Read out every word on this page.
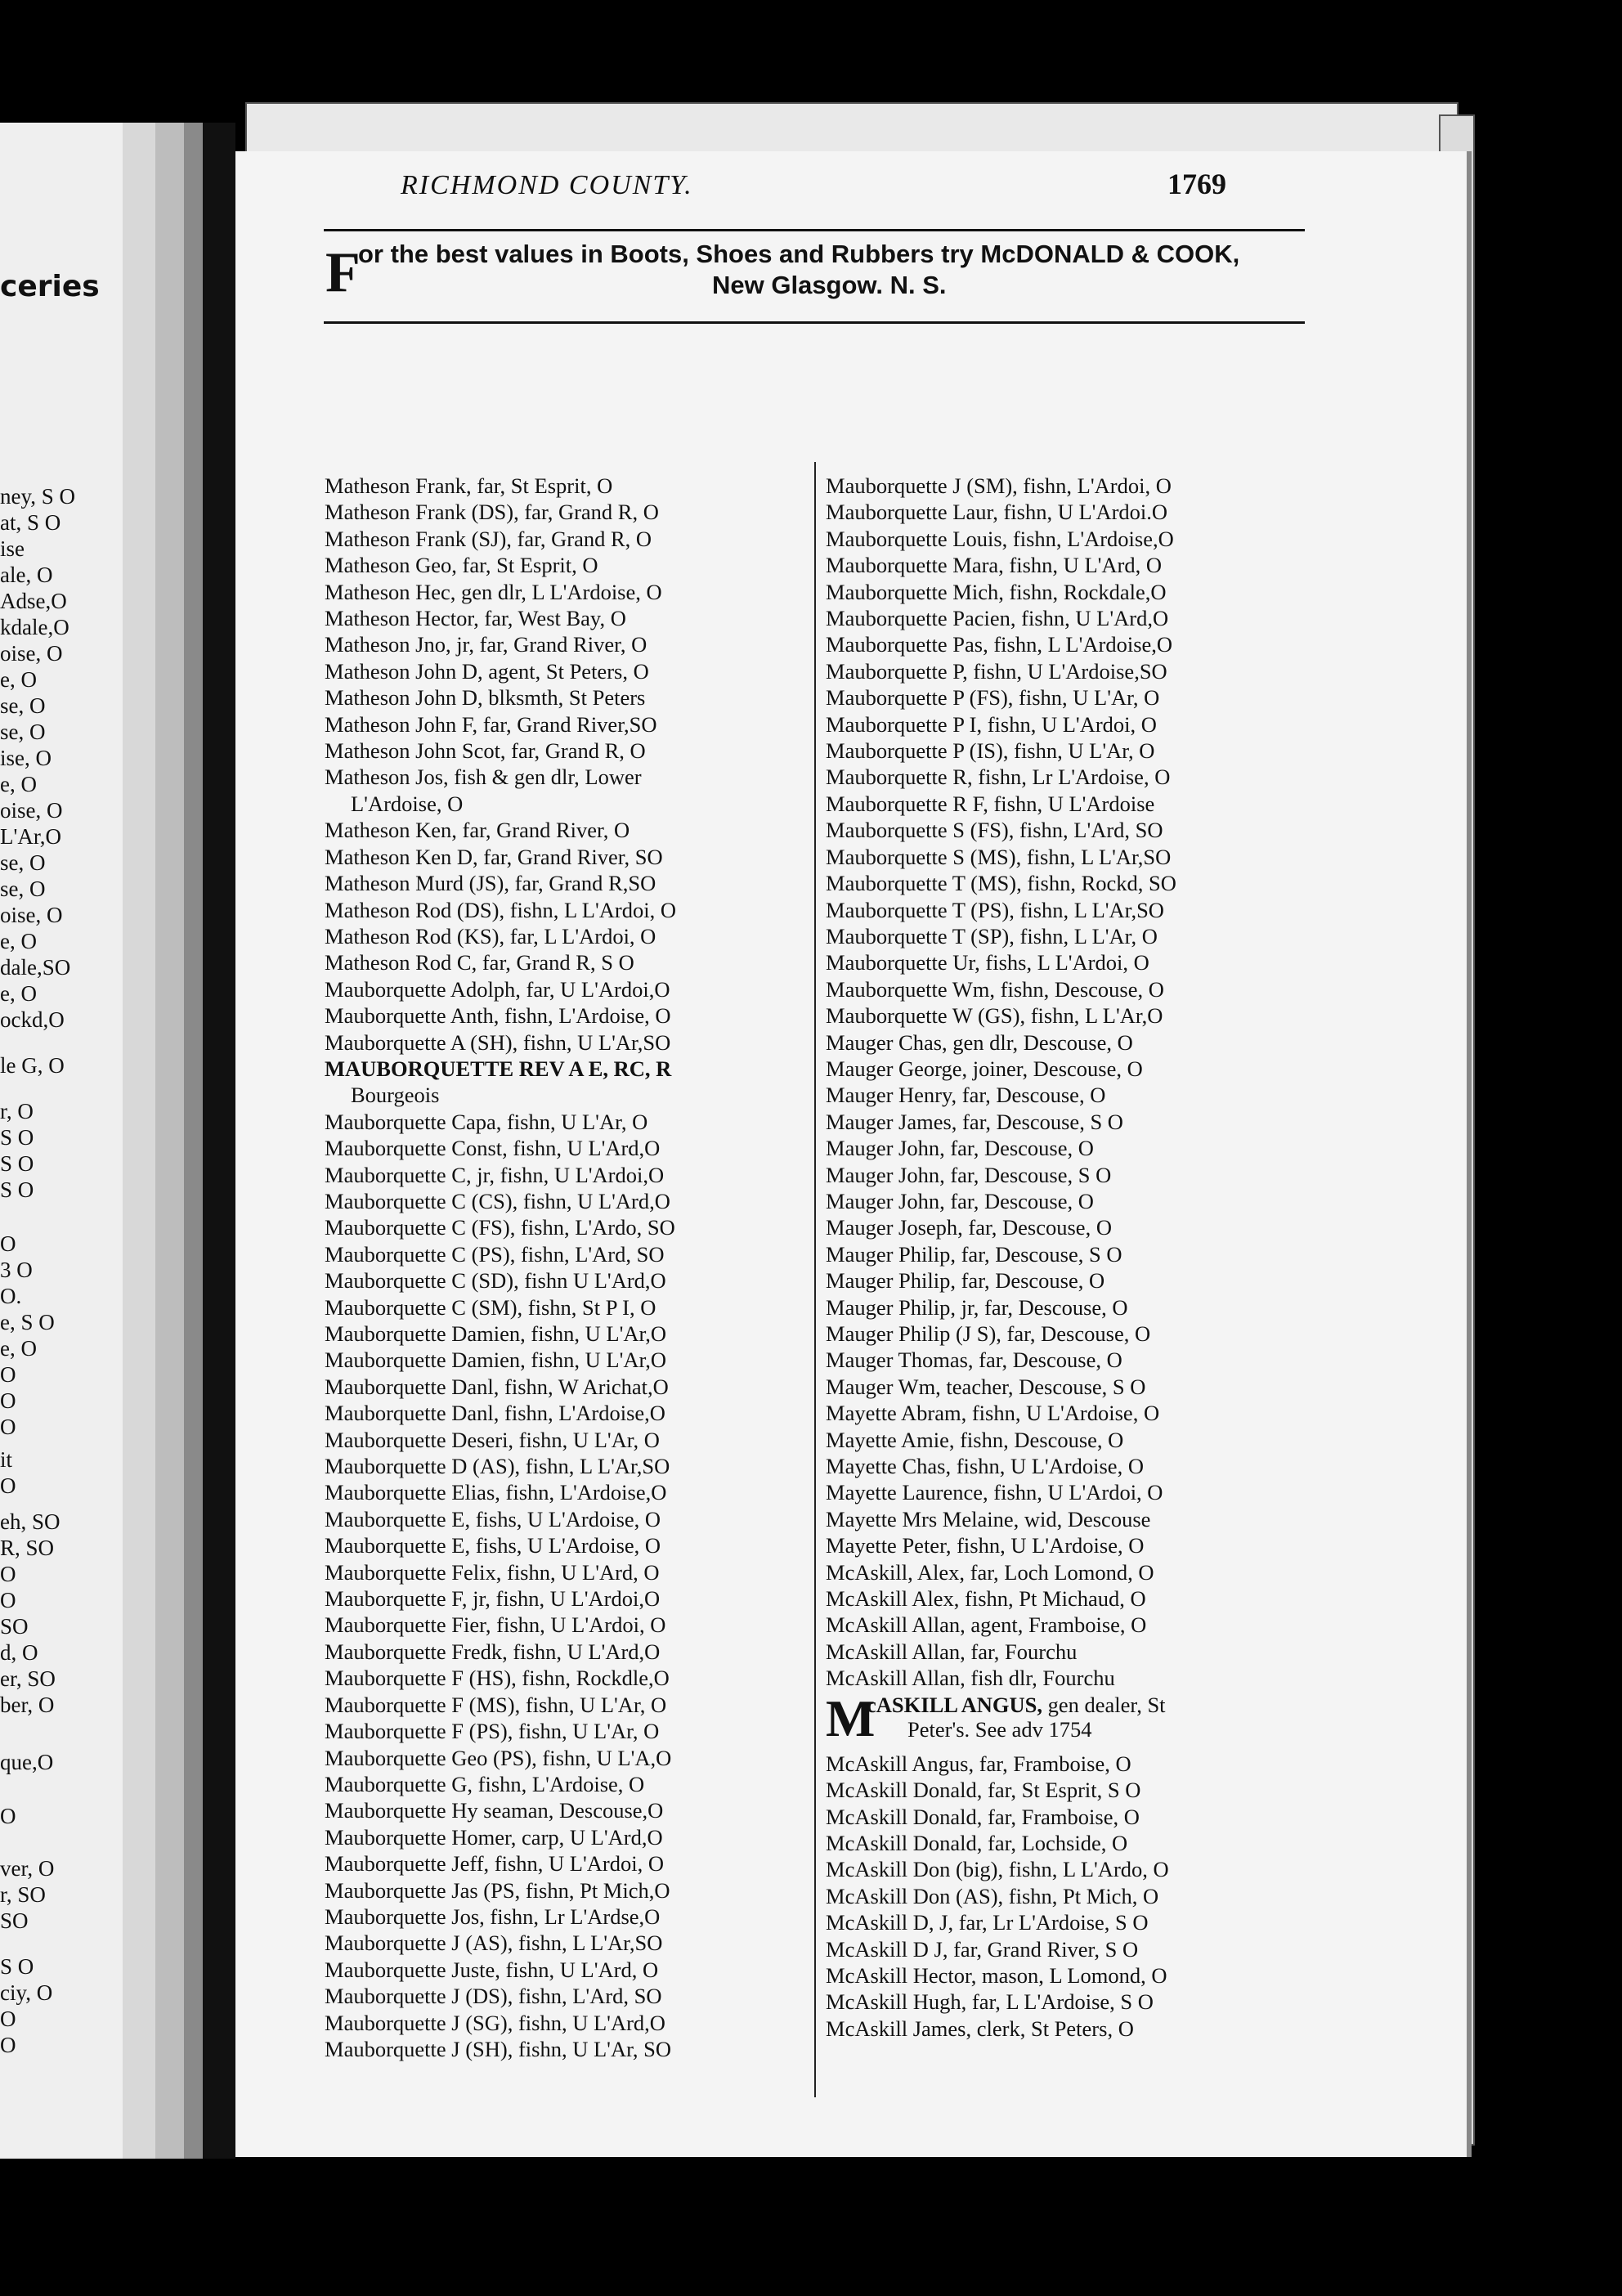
ceries
ney, S O
at, S O
ise
ale, O
Adse,O
kdale,O
oise, O
e, O
se, O
se, O
ise, O
e, O
oise, O
L'Ar,O
se, O
se, O
oise, O
e, O
dale,SO
e, O
ockd,O
le G, O
r, O
S O
S O
S O
O
3 O
O.
e, S O
e, O
O
O
O
it
O
eh, SO
R, SO
O
O
SO
d, O
er, SO
ber, O
que,O
O
ver, O
r, SO
SO
S O
ciy, O
O
O
RICHMOND COUNTY.	1769
F
or the best values in Boots, Shoes and Rubbers try McDONALD & COOK,
New Glasgow. N. S.
Matheson Frank, far, St Esprit, O
Matheson Frank (DS), far, Grand R, O
Matheson Frank (SJ), far, Grand R, O
Matheson Geo, far, St Esprit, O
Matheson Hec, gen dlr, L L'Ardoise, O
Matheson Hector, far, West Bay, O
Matheson Jno, jr, far, Grand River, O
Matheson John D, agent, St Peters, O
Matheson John D, blksmth, St Peters
Matheson John F, far, Grand River,SO
Matheson John Scot, far, Grand R, O
Matheson Jos, fish & gen dlr, Lower
L'Ardoise, O
Matheson Ken, far, Grand River, O
Matheson Ken D, far, Grand River, SO
Matheson Murd (JS), far, Grand R,SO
Matheson Rod (DS), fishn, L L'Ardoi, O
Matheson Rod (KS), far, L L'Ardoi, O
Matheson Rod C, far, Grand R, S O
Mauborquette Adolph, far, U L'Ardoi,O
Mauborquette Anth, fishn, L'Ardoise, O
Mauborquette A (SH), fishn, U L'Ar,SO
MAUBORQUETTE REV A E, RC, R
Bourgeois
Mauborquette Capa, fishn, U L'Ar, O
Mauborquette Const, fishn, U L'Ard,O
Mauborquette C, jr, fishn, U L'Ardoi,O
Mauborquette C (CS), fishn, U L'Ard,O
Mauborquette C (FS), fishn, L'Ardo, SO
Mauborquette C (PS), fishn, L'Ard, SO
Mauborquette C (SD), fishn U L'Ard,O
Mauborquette C (SM), fishn, St P I, O
Mauborquette Damien, fishn, U L'Ar,O
Mauborquette Damien, fishn, U L'Ar,O
Mauborquette Danl, fishn, W Arichat,O
Mauborquette Danl, fishn, L'Ardoise,O
Mauborquette Deseri, fishn, U L'Ar, O
Mauborquette D (AS), fishn, L L'Ar,SO
Mauborquette Elias, fishn, L'Ardoise,O
Mauborquette E, fishs, U L'Ardoise, O
Mauborquette E, fishs, U L'Ardoise, O
Mauborquette Felix, fishn, U L'Ard, O
Mauborquette F, jr, fishn, U L'Ardoi,O
Mauborquette Fier, fishn, U L'Ardoi, O
Mauborquette Fredk, fishn, U L'Ard,O
Mauborquette F (HS), fishn, Rockdle,O
Mauborquette F (MS), fishn, U L'Ar, O
Mauborquette F (PS), fishn, U L'Ar, O
Mauborquette Geo (PS), fishn, U L'A,O
Mauborquette G, fishn, L'Ardoise, O
Mauborquette Hy seaman, Descouse,O
Mauborquette Homer, carp, U L'Ard,O
Mauborquette Jeff, fishn, U L'Ardoi, O
Mauborquette Jas (PS, fishn, Pt Mich,O
Mauborquette Jos, fishn, Lr L'Ardse,O
Mauborquette J (AS), fishn, L L'Ar,SO
Mauborquette Juste, fishn, U L'Ard, O
Mauborquette J (DS), fishn, L'Ard, SO
Mauborquette J (SG), fishn, U L'Ard,O
Mauborquette J (SH), fishn, U L'Ar, SO
Mauborquette J (SM), fishn, L'Ardoi, O
Mauborquette Laur, fishn, U L'Ardoi.O
Mauborquette Louis, fishn, L'Ardoise,O
Mauborquette Mara, fishn, U L'Ard, O
Mauborquette Mich, fishn, Rockdale,O
Mauborquette Pacien, fishn, U L'Ard,O
Mauborquette Pas, fishn, L L'Ardoise,O
Mauborquette P, fishn, U L'Ardoise,SO
Mauborquette P (FS), fishn, U L'Ar, O
Mauborquette P I, fishn, U L'Ardoi, O
Mauborquette P (IS), fishn, U L'Ar, O
Mauborquette R, fishn, Lr L'Ardoise, O
Mauborquette R F, fishn, U L'Ardoise
Mauborquette S (FS), fishn, L'Ard, SO
Mauborquette S (MS), fishn, L L'Ar,SO
Mauborquette T (MS), fishn, Rockd, SO
Mauborquette T (PS), fishn, L L'Ar,SO
Mauborquette T (SP), fishn, L L'Ar, O
Mauborquette Ur, fishs, L L'Ardoi, O
Mauborquette Wm, fishn, Descouse, O
Mauborquette W (GS), fishn, L L'Ar,O
Mauger Chas, gen dlr, Descouse, O
Mauger George, joiner, Descouse, O
Mauger Henry, far, Descouse, O
Mauger James, far, Descouse, S O
Mauger John, far, Descouse, O
Mauger John, far, Descouse, S O
Mauger John, far, Descouse, O
Mauger Joseph, far, Descouse, O
Mauger Philip, far, Descouse, S O
Mauger Philip, far, Descouse, O
Mauger Philip, jr, far, Descouse, O
Mauger Philip (J S), far, Descouse, O
Mauger Thomas, far, Descouse, O
Mauger Wm, teacher, Descouse, S O
Mayette Abram, fishn, U L'Ardoise, O
Mayette Amie, fishn, Descouse, O
Mayette Chas, fishn, U L'Ardoise, O
Mayette Laurence, fishn, U L'Ardoi, O
Mayette Mrs Melaine, wid, Descouse
Mayette Peter, fishn, U L'Ardoise, O
McAskill, Alex, far, Loch Lomond, O
McAskill Alex, fishn, Pt Michaud, O
McAskill Allan, agent, Framboise, O
McAskill Allan, far, Fourchu
McAskill Allan, fish dlr, Fourchu
M
cASKILL ANGUS, gen dealer, St
Peter's. See adv 1754
McAskill Angus, far, Framboise, O
McAskill Donald, far, St Esprit, S O
McAskill Donald, far, Framboise, O
McAskill Donald, far, Lochside, O
McAskill Don (big), fishn, L L'Ardo, O
McAskill Don (AS), fishn, Pt Mich, O
McAskill D, J, far, Lr L'Ardoise, S O
McAskill D J, far, Grand River, S O
McAskill Hector, mason, L Lomond, O
McAskill Hugh, far, L L'Ardoise, S O
McAskill James, clerk, St Peters, O
